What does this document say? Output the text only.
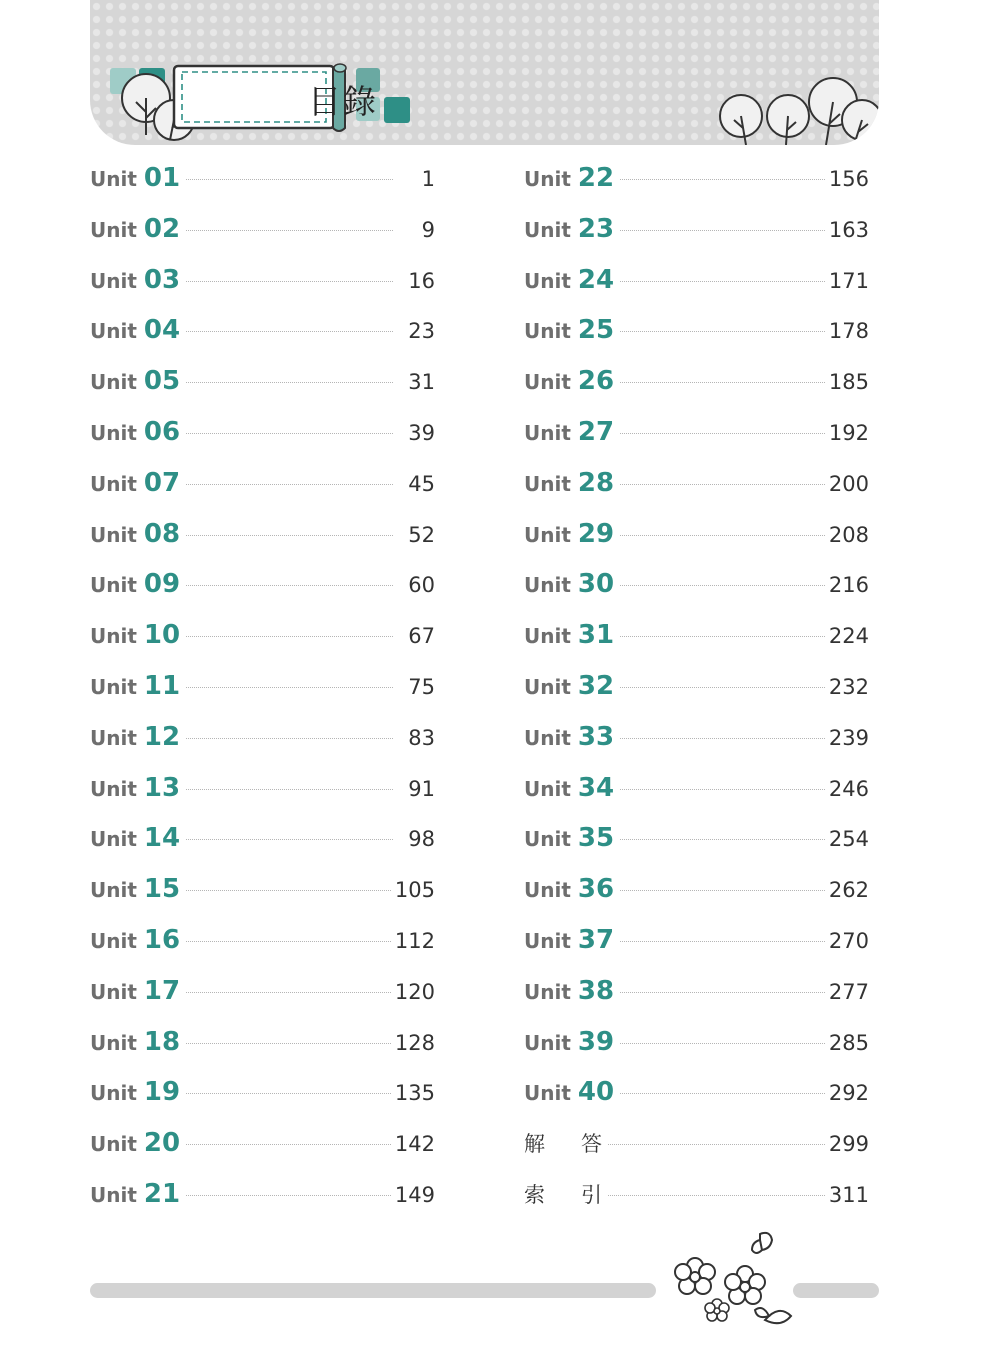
目錄
Unit 01	1
Unit 02	9
Unit 03	16
Unit 04	23
Unit 05	31
Unit 06	39
Unit 07	45
Unit 08	52
Unit 09	60
Unit 10	67
Unit 11	75
Unit 12	83
Unit 13	91
Unit 14	98
Unit 15	105
Unit 16	112
Unit 17	120
Unit 18	128
Unit 19	135
Unit 20	142
Unit 21	149
Unit 22	156
Unit 23	163
Unit 24	171
Unit 25	178
Unit 26	185
Unit 27	192
Unit 28	200
Unit 29	208
Unit 30	216
Unit 31	224
Unit 32	232
Unit 33	239
Unit 34	246
Unit 35	254
Unit 36	262
Unit 37	270
Unit 38	277
Unit 39	285
Unit 40	292
解 答	299
索 引	311
